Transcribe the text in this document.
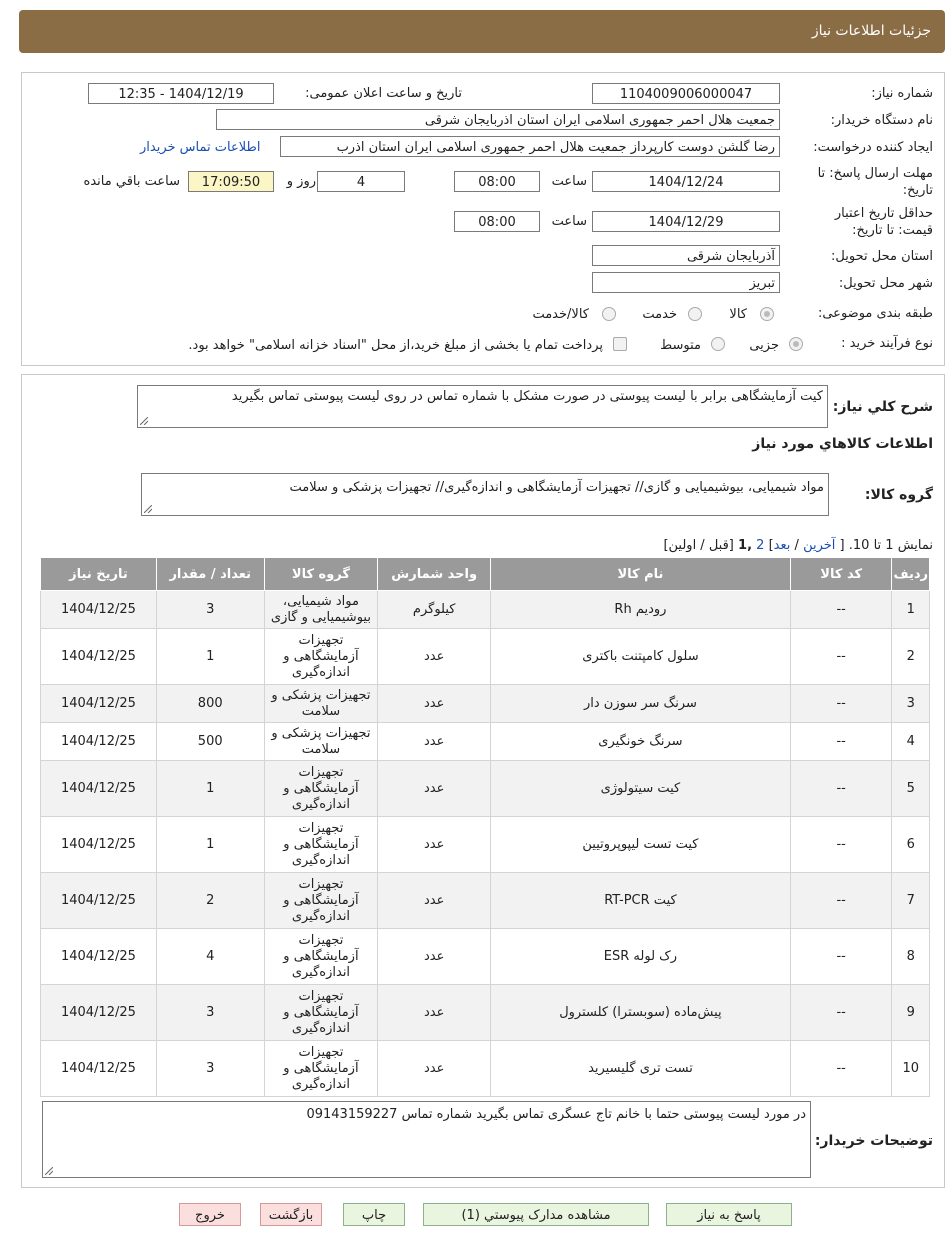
جزئیات اطلاعات نیاز
شماره نیاز:
1104009006000047
تاریخ و ساعت اعلان عمومی:
1404/12/19 - 12:35
نام دستگاه خریدار:
جمعیت هلال احمر جمهوری اسلامی ایران استان اذربایجان شرقی
ایجاد کننده درخواست:
رضا گلشن دوست کارپرداز جمعیت هلال احمر جمهوری اسلامی ایران استان اذرب
اطلاعات تماس خریدار
مهلت ارسال پاسخ: تا
تاریخ:
1404/12/24
ساعت
08:00
4
روز و
17:09:50
ساعت باقي مانده
حداقل تاريخ اعتبار
قيمت: تا تاريخ:
1404/12/29
ساعت
08:00
استان محل تحويل:
آذربایجان شرقی
شهر محل تحويل:
تبریز
طبقه بندی موضوعی:
کالا
خدمت
کالا/خدمت
نوع فرآيند خريد :
جزیی
متوسط
پرداخت تمام یا بخشی از مبلغ خرید،از محل "اسناد خزانه اسلامی" خواهد بود.
شرح کلي نياز:
کیت آزمایشگاهی برابر با لیست پیوستی در صورت مشکل با شماره تماس در روی لیست پیوستی تماس بگیرید
اطلاعات کالاهاي مورد نياز
گروه کالا:
مواد شیمیایی، بیوشیمیایی و گازی// تجهیزات آزمایشگاهی و اندازه‌گیری// تجهیزات پزشکی و سلامت
نمایش 1 تا 10. [ آخرین / بعد] 2 ,1 [قبل / اولین]
رديف	کد کالا	نام کالا	واحد شمارش	گروه کالا	تعداد / مقدار	تاريخ نياز
1	--	رودیم Rh	کیلوگرم	مواد شیمیایی، بیوشیمیایی و گازی	3	1404/12/25
2	--	سلول کامپتنت باکتری	عدد	تجهیزات آزمایشگاهی و اندازه‌گیری	1	1404/12/25
3	--	سرنگ سر سوزن دار	عدد	تجهیزات پزشکی و سلامت	800	1404/12/25
4	--	سرنگ خونگیری	عدد	تجهیزات پزشکی و سلامت	500	1404/12/25
5	--	کیت سیتولوژی	عدد	تجهیزات آزمایشگاهی و اندازه‌گیری	1	1404/12/25
6	--	کیت تست لیپوپروتیین	عدد	تجهیزات آزمایشگاهی و اندازه‌گیری	1	1404/12/25
7	--	کیت RT-PCR	عدد	تجهیزات آزمایشگاهی و اندازه‌گیری	2	1404/12/25
8	--	رک لوله ESR	عدد	تجهیزات آزمایشگاهی و اندازه‌گیری	4	1404/12/25
9	--	پیش‌ماده (سوبسترا) کلسترول	عدد	تجهیزات آزمایشگاهی و اندازه‌گیری	3	1404/12/25
10	--	تست تری گلیسیرید	عدد	تجهیزات آزمایشگاهی و اندازه‌گیری	3	1404/12/25
توضیحات خریدار:
در مورد لیست پیوستی حتما با خانم تاج عسگری تماس بگیرید شماره تماس 09143159227
پاسخ به نیاز
مشاهده مدارک پیوستي (1)
چاپ
بازگشت
خروج
